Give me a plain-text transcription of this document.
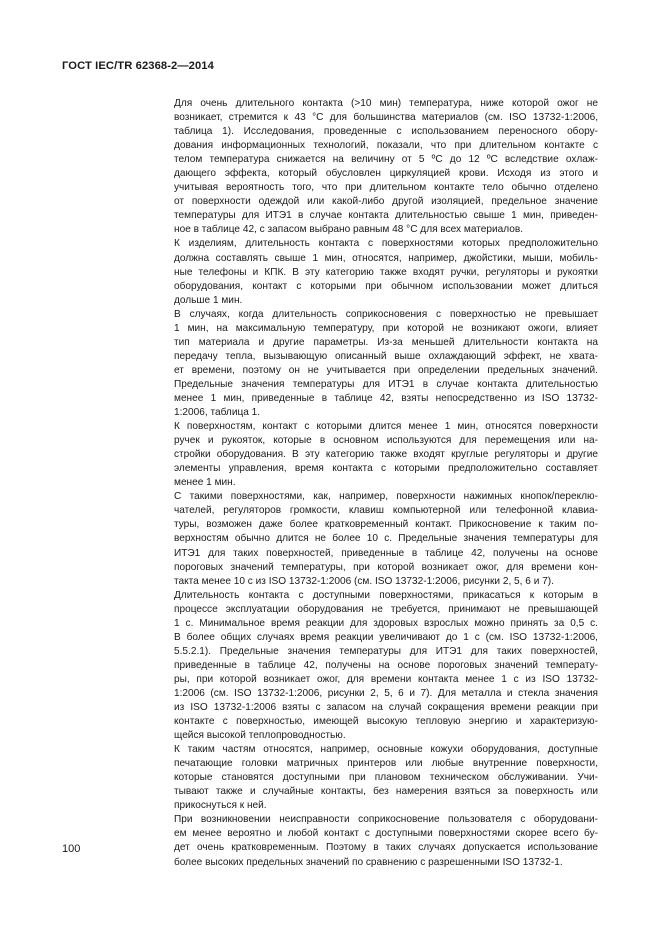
ГОСТ IEC/TR 62368-2—2014

Для очень длительного контакта (>10 мин) температура, ниже которой ожог не
возникает, стремится к 43 °С для большинства материалов (см. ISO 13732-1:2006,
таблица 1). Исследования, проведенные с использованием переносного обору-
дования информационных технологий, показали, что при длительном контакте с
телом температура снижается на величину от 5 ºС до 12 ºС вследствие охлаж-
дающего эффекта, который обусловлен циркуляцией крови. Исходя из этого и
учитывая вероятность того, что при длительном контакте тело обычно отделено
от поверхности одеждой или какой-либо другой изоляцией, предельное значение
температуры для ИТЭ1 в случае контакта длительностью свыше 1 мин, приведен-
ное в таблице 42, с запасом выбрано равным 48 °С для всех материалов.

К изделиям, длительность контакта с поверхностями которых предположительно
должна составлять свыше 1 мин, относятся, например, джойстики, мыши, мобиль-
ные телефоны и КПК. В эту категорию также входят ручки, регуляторы и рукоятки
оборудования, контакт с которыми при обычном использовании может длиться
дольше 1 мин.

В случаях, когда длительность соприкосновения с поверхностью не превышает
1 мин, на максимальную температуру, при которой не возникают ожоги, влияет
тип материала и другие параметры. Из-за меньшей длительности контакта на
передачу тепла, вызывающую описанный выше охлаждающий эффект, не хвата-
ет времени, поэтому он не учитывается при определении предельных значений.
Предельные значения температуры для ИТЭ1 в случае контакта длительностью
менее 1 мин, приведенные в таблице 42, взяты непосредственно из ISO 13732-
1:2006, таблица 1.

К поверхностям, контакт с которыми длится менее 1 мин, относятся поверхности
ручек и рукояток, которые в основном используются для перемещения или на-
стройки оборудования. В эту категорию также входят круглые регуляторы и другие
элементы управления, время контакта с которыми предположительно составляет
менее 1 мин.

С такими поверхностями, как, например, поверхности нажимных кнопок/переклю-
чателей, регуляторов громкости, клавиш компьютерной или телефонной клавиа-
туры, возможен даже более кратковременный контакт. Прикосновение к таким по-
верхностям обычно длится не более 10 с. Предельные значения температуры для
ИТЭ1 для таких поверхностей, приведенные в таблице 42, получены на основе
пороговых значений температуры, при которой возникает ожог, для времени кон-
такта менее 10 с из ISO 13732-1:2006 (см. ISO 13732-1:2006, рисунки 2, 5, 6 и 7).

Длительность контакта с доступными поверхностями, прикасаться к которым в
процессе эксплуатации оборудования не требуется, принимают не превышающей
1 с. Минимальное время реакции для здоровых взрослых можно принять за 0,5 с.
В более общих случаях время реакции увеличивают до 1 с (см. ISO 13732-1:2006,
5.5.2.1). Предельные значения температуры для ИТЭ1 для таких поверхностей,
приведенные в таблице 42, получены на основе пороговых значений температу-
ры, при которой возникает ожог, для времени контакта менее 1 с из ISO 13732-
1:2006 (см. ISO 13732-1:2006, рисунки 2, 5, 6 и 7). Для металла и стекла значения
из ISO 13732-1:2006 взяты с запасом на случай сокращения времени реакции при
контакте с поверхностью, имеющей высокую тепловую энергию и характеризую-
щейся высокой теплопроводностью.

К таким частям относятся, например, основные кожухи оборудования, доступные
печатающие головки матричных принтеров или любые внутренние поверхности,
которые становятся доступными при плановом техническом обслуживании. Учи-
тывают также и случайные контакты, без намерения взяться за поверхность или
прикоснуться к ней.

При возникновении неисправности соприкосновение пользователя с оборудовани-
ем менее вероятно и любой контакт с доступными поверхностями скорее всего бу-
дет очень кратковременным. Поэтому в таких случаях допускается использование
более высоких предельных значений по сравнению с разрешенными ISO 13732-1.

100
